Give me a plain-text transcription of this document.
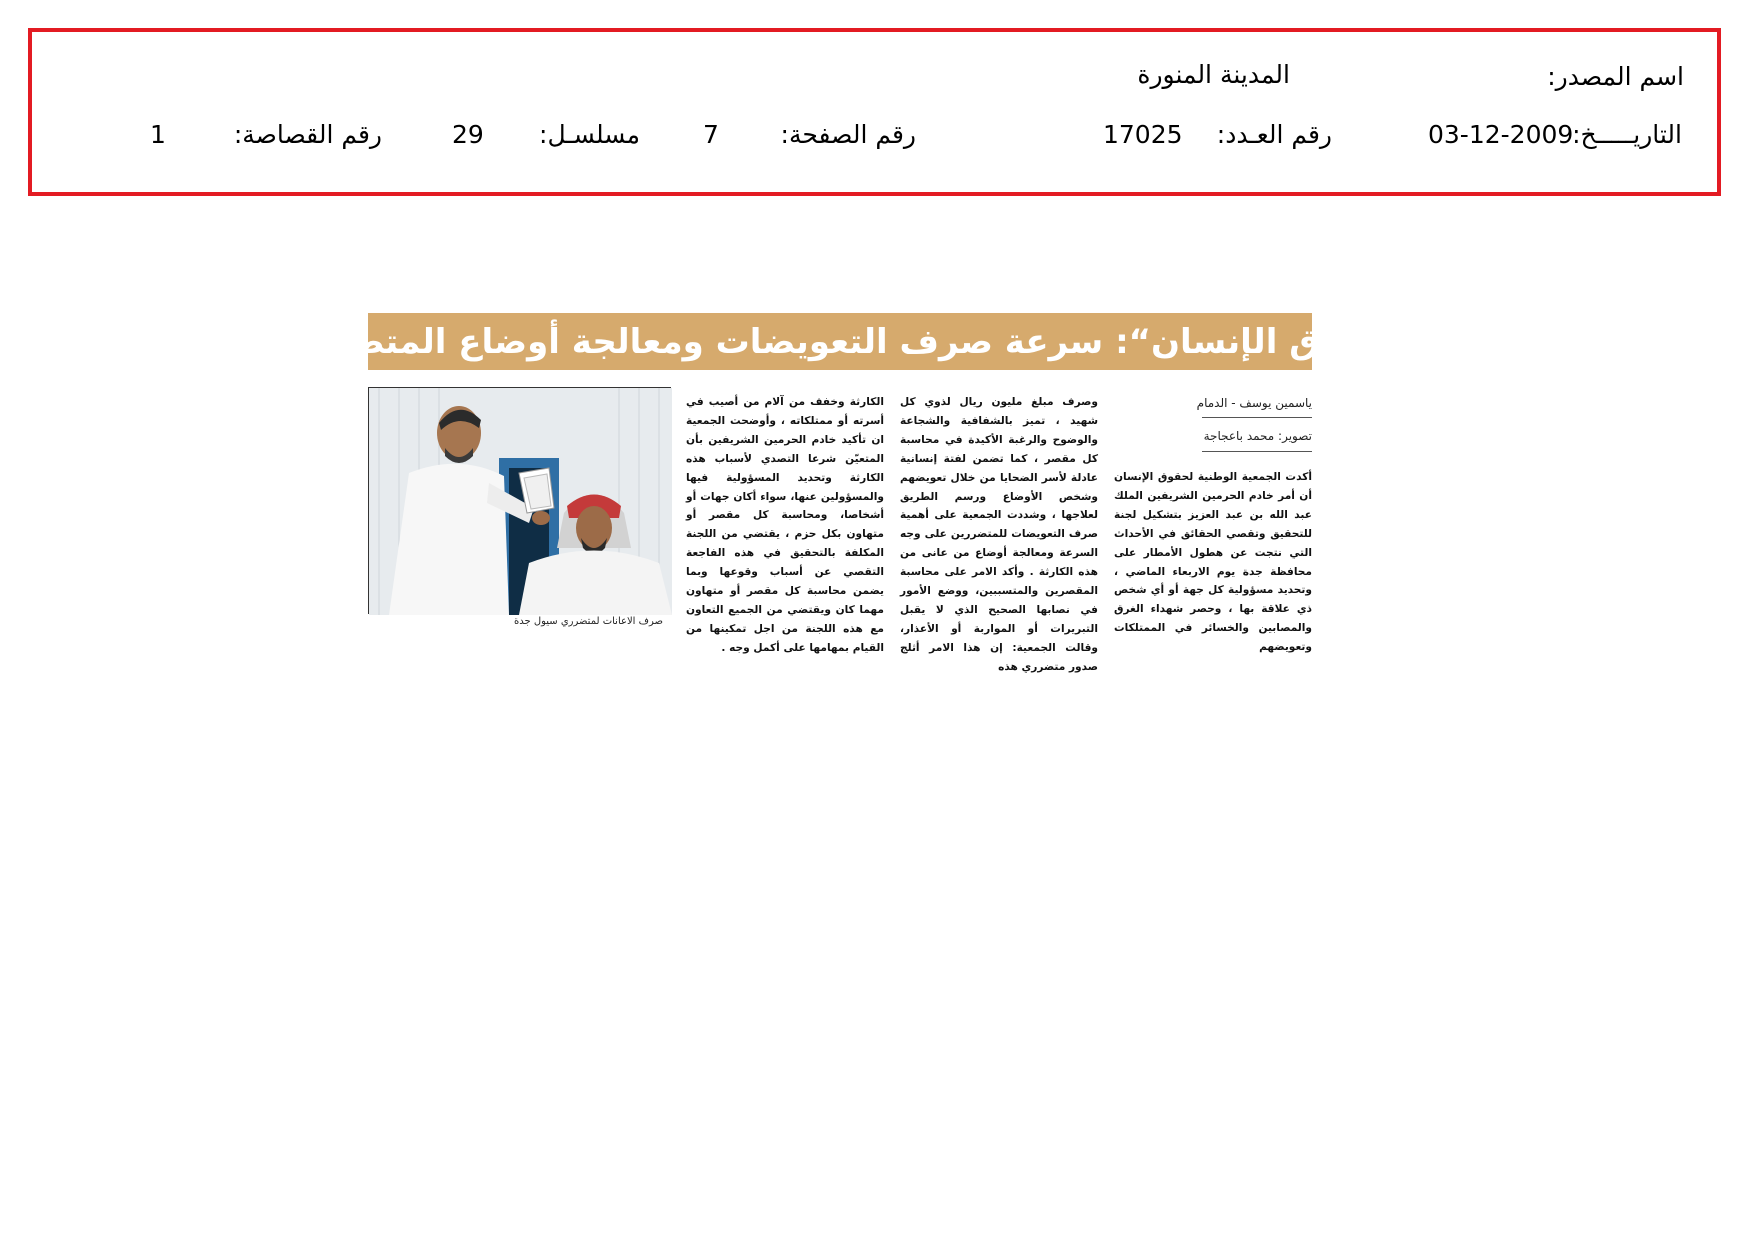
اسم المصدر:
المدينة المنورة
التاريـــــخ:
03-12-2009
رقم العـدد:
17025
رقم الصفحة:
7
مسلسـل:
29
رقم القصاصة:
1
”حقوق الإنسان“: سرعة صرف التعويضات ومعالجة أوضاع المتضررين
ياسمين يوسف - الدمام
تصوير: محمد باعجاجة
أكدت الجمعية الوطنية لحقوق الإنسان أن أمر خادم الحرمين الشريفين الملك عبد الله بن عبد العزيز بتشكيل لجنة للتحقيق وتقصي الحقائق في الأحداث التي نتجت عن هطول الأمطار على محافظة جدة يوم الاربعاء الماضي ، وتحديد مسؤولية كل جهة أو أي شخص ذي علاقة بها ، وحصر شهداء الغرق والمصابين والخسائر في الممتلكات وتعويضهم
وصرف مبلغ مليون ريال لذوي كل شهيد ، تميز بالشفافية والشجاعة والوضوح والرغبة الأكيدة في محاسبة كل مقصر ، كما تضمن لفتة إنسانية عادلة لأسر الضحايا من خلال تعويضهم وشخص الأوضاع ورسم الطريق لعلاجها ، وشددت الجمعية على أهمية صرف التعويضات للمتضررين على وجه السرعة ومعالجة أوضاع من عانى من هذه الكارثة . وأكد الامر على محاسبة المقصرين والمتسببين، ووضع الأمور في نصابها الصحيح الذي لا يقبل التبريرات أو المواربة أو الأعذار، وقالت الجمعية: إن هذا الامر أثلج صدور متضرري هذه
الكارثة وخفف من آلام من أصيب في أسرته أو ممتلكاته ، وأوضحت الجمعية ان تأكيد خادم الحرمين الشريفين بأن المتعيّن شرعا التصدي لأسباب هذه الكارثة وتحديد المسؤولية فيها والمسؤولين عنها، سواء أكان جهات أو أشخاصا، ومحاسبة كل مقصر أو متهاون بكل حزم ، يقتضي من اللجنة المكلفة بالتحقيق في هذه الفاجعة التقصي عن أسباب وقوعها وبما يضمن محاسبة كل مقصر أو متهاون مهما كان ويقتضي من الجميع التعاون مع هذه اللجنة من اجل تمكينها من القيام بمهامها على أكمل وجه .
صرف الاعانات لمتضرري سيول جدة
